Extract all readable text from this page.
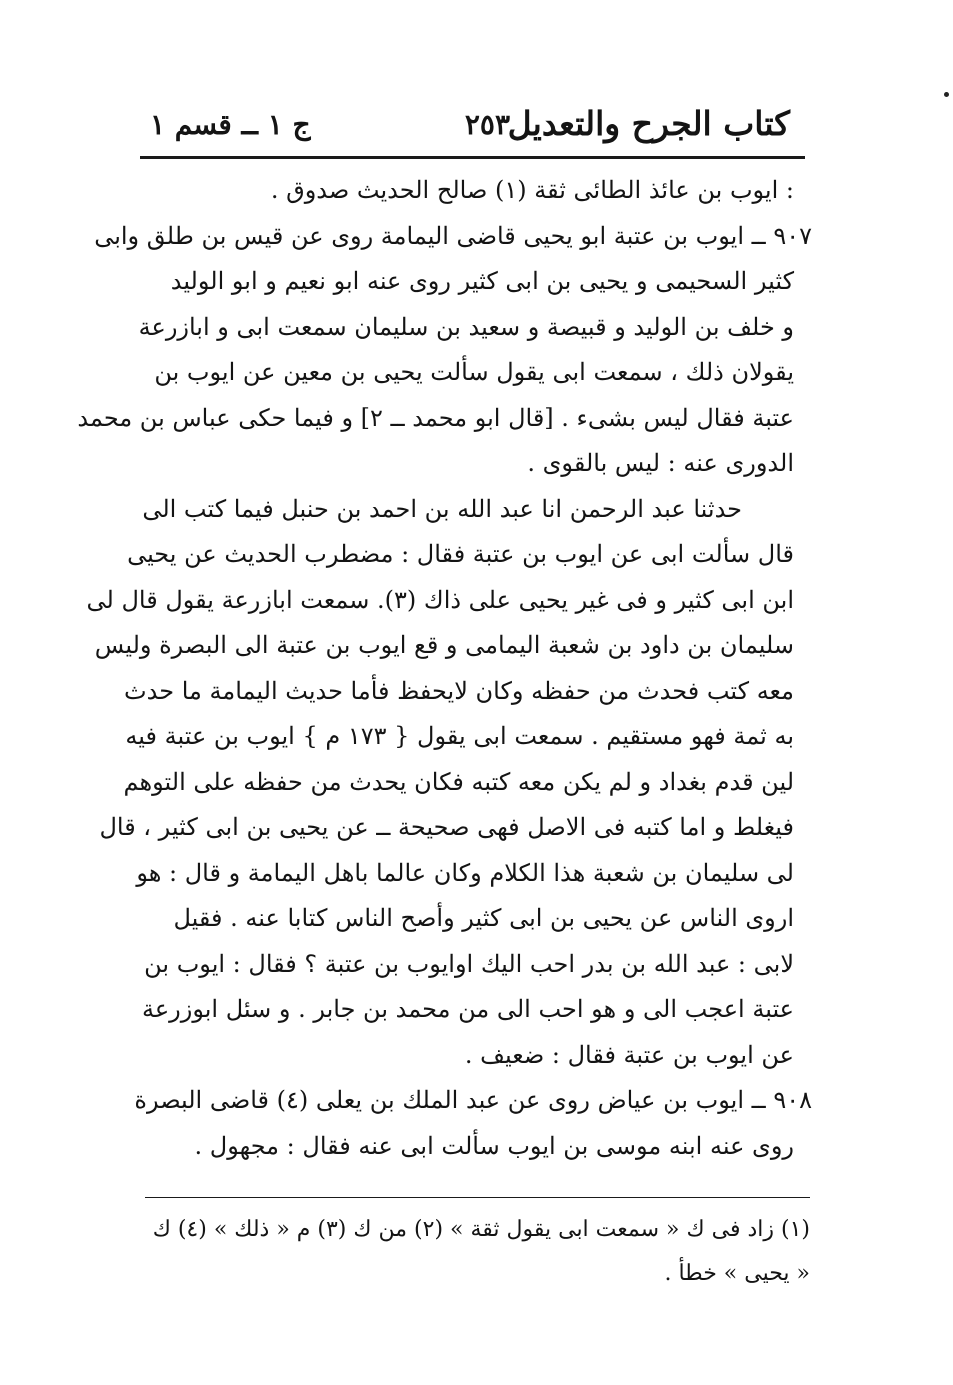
كتاب الجرح والتعديل
٢٥٣
ج ١ ــ قسم ١
: ايوب بن عائذ الطائى ثقة (١) صالح الحديث صدوق .
٩٠٧ ــ ايوب بن عتبة ابو يحيى قاضى اليمامة روى عن قيس بن طلق وابى
كثير السحيمى و يحيى بن ابى كثير روى عنه ابو نعيم و ابو الوليد
و خلف بن الوليد و قبيصة و سعيد بن سليمان سمعت ابى و ابازرعة
يقولان ذلك ، سمعت ابى يقول سألت يحيى بن معين عن ايوب بن
عتبة فقال ليس بشىء . [قال ابو محمد ــ ٢] و فيما حكى عباس بن محمد
الدورى عنه : ليس بالقوى .
حدثنا عبد الرحمن انا عبد الله بن احمد بن حنبل فيما كتب الى
قال سألت ابى عن ايوب بن عتبة فقال : مضطرب الحديث عن يحيى
ابن ابى كثير و فى غير يحيى على ذاك (٣). سمعت ابازرعة يقول قال لى
سليمان بن داود بن شعبة اليمامى و قع ايوب بن عتبة الى البصرة وليس
معه كتب فحدث من حفظه وكان لايحفظ فأما حديث اليمامة ما حدث
به ثمة فهو مستقيم . سمعت ابى يقول { ١٧٣ م } ايوب بن عتبة فيه
لين قدم بغداد و لم يكن معه كتبه فكان يحدث من حفظه على التوهم
فيغلط و اما كتبه فى الاصل فهى صحيحة ــ عن يحيى بن ابى كثير ، قال
لى سليمان بن شعبة هذا الكلام وكان عالما باهل اليمامة و قال : هو
اروى الناس عن يحيى بن ابى كثير وأصح الناس كتابا عنه . فقيل
لابى : عبد الله بن بدر احب اليك اوايوب بن عتبة ؟ فقال : ايوب بن
عتبة اعجب الى و هو احب الى من محمد بن جابر . و سئل ابوزرعة
عن ايوب بن عتبة فقال : ضعيف .
٩٠٨ ــ ايوب بن عياض روى عن عبد الملك بن يعلى (٤) قاضى البصرة
روى عنه ابنه موسى بن ايوب سألت ابى عنه فقال : مجهول .
(١) زاد فى ك « سمعت ابى يقول ثقة » (٢) من ك (٣) م « ذلك » (٤) ك
« يحيى » خطأ .
